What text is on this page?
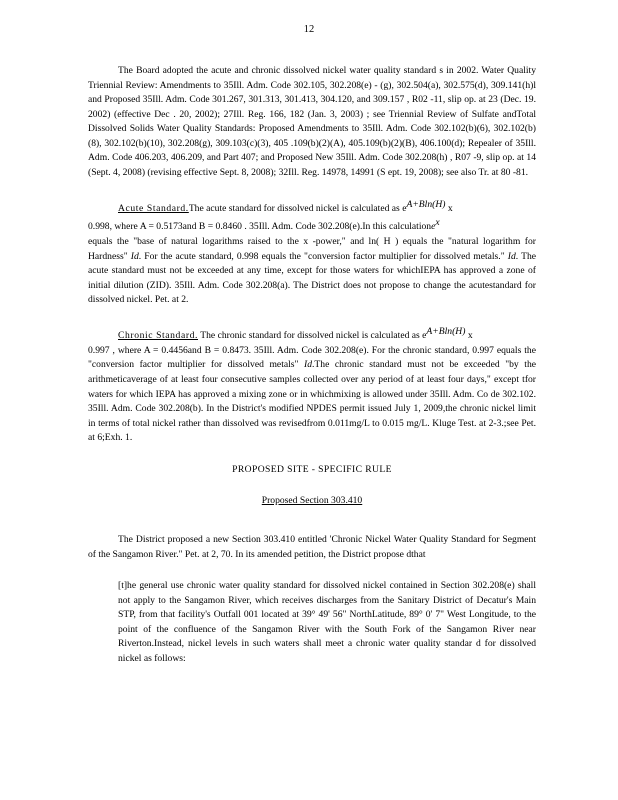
12

The Board adopted the acute and chronic dissolved nickel water quality standard s in 2002. Water Quality Triennial Review: Amendments to 35Ill. Adm. Code 302.105, 302.208(e) - (g), 302.504(a), 302.575(d), 309.141(h)l and Proposed 35Ill. Adm. Code 301.267, 301.313, 301.413, 304.120, and 309.157 , R02 -11, slip op. at 23 (Dec. 19. 2002) (effective Dec . 20, 2002); 27Ill. Reg. 166, 182 (Jan. 3, 2003) ; see Triennial Review of Sulfate andTotal Dissolved Solids Water Quality Standards: Proposed Amendments to 35Ill. Adm. Code 302.102(b)(6), 302.102(b)(8), 302.102(b)(10), 302.208(g), 309.103(c)(3), 405 .109(b)(2)(A), 405.109(b)(2)(B), 406.100(d); Repealer of 35Ill. Adm. Code 406.203, 406.209, and Part 407; and Proposed New 35Ill. Adm. Code 302.208(h) , R07 -9, slip op. at 14 (Sept. 4, 2008) (revising effective Sept. 8, 2008); 32Ill. Reg. 14978, 14991 (S ept. 19, 2008); see also Tr. at 80 -81.

Acute Standard.The acute standard for dissolved nickel is calculated as eA+Bln(H) x
0.998, where A = 0.5173and B = 0.8460 . 35Ill. Adm. Code 302.208(e).In this calculationex
equals the "base of natural logarithms raised to the x -power," and ln( H ) equals the "natural logarithm for Hardness" Id. For the acute standard, 0.998 equals the "conversion factor multiplier for dissolved metals." Id. The acute standard must not be exceeded at any time, except for those waters for whichIEPA has approved a zone of initial dilution (ZID). 35Ill. Adm. Code 302.208(a). The District does not propose to change the acutestandard for dissolved nickel. Pet. at 2.

Chronic Standard. The chronic standard for dissolved nickel is calculated as eA+Bln(H) x
0.997 , where A = 0.4456and B = 0.8473. 35Ill. Adm. Code 302.208(e). For the chronic standard, 0.997 equals the "conversion factor multiplier for dissolved metals" Id.The chronic standard must not be exceeded "by the arithmeticaverage of at least four consecutive samples collected over any period of at least four days," except tfor waters for which IEPA has approved a mixing zone or in whichmixing is allowed under 35Ill. Adm. Co de 302.102. 35Ill. Adm. Code 302.208(b). In the District's modified NPDES permit issued July 1, 2009,the chronic nickel limit in terms of total nickel rather than dissolved was revisedfrom 0.011mg/L to 0.015 mg/L. Kluge Test. at 2-3.;see Pet. at 6;Exh. 1.

PROPOSED SITE - SPECIFIC RULE

Proposed Section 303.410

The District proposed a new Section 303.410 entitled 'Chronic Nickel Water Quality Standard for Segment of the Sangamon River." Pet. at 2, 70. In its amended petition, the District propose dthat

[t]he general use chronic water quality standard for dissolved nickel contained in Section 302.208(e) shall not apply to the Sangamon River, which receives discharges from the Sanitary District of Decatur's Main STP, from that facility's Outfall 001 located at 39° 49' 56" NorthLatitude, 89° 0' 7" West Longitude, to the point of the confluence of the Sangamon River with the South Fork of the Sangamon River near Riverton.Instead, nickel levels in such waters shall meet a chronic water quality standar d for dissolved nickel as follows:
